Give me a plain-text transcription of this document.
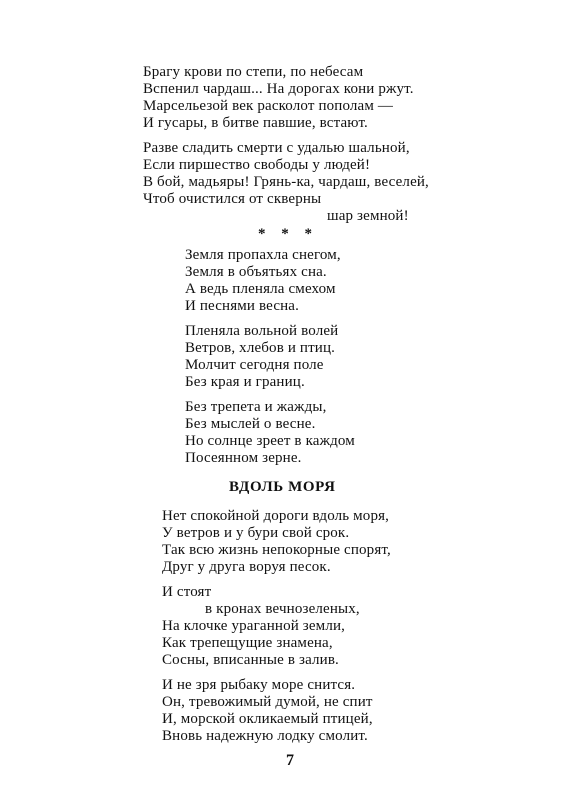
Брагу крови по степи, по небесам
Вспенил чардаш... На дорогах кони ржут.
Марсельезой век расколот пополам —
И гусары, в битве павшие, встают.
Разве сладить смерти с удалью шальной,
Если пиршество свободы у людей!
В бой, мадьяры! Грянь-ка, чардаш, веселей,
Чтоб очистился от скверны
шар земной!
* * *
Земля пропахла снегом,
Земля в объятьях сна.
А ведь пленяла смехом
И песнями весна.
Пленяла вольной волей
Ветров, хлебов и птиц.
Молчит сегодня поле
Без края и границ.
Без трепета и жажды,
Без мыслей о весне.
Но солнце зреет в каждом
Посеянном зерне.
ВДОЛЬ МОРЯ
Нет спокойной дороги вдоль моря,
У ветров и у бури свой срок.
Так всю жизнь непокорные спорят,
Друг у друга воруя песок.
И стоят
в кронах вечнозеленых,
На клочке ураганной земли,
Как трепещущие знамена,
Сосны, вписанные в залив.
И не зря рыбаку море снится.
Он, тревожимый думой, не спит
И, морской окликаемый птицей,
Вновь надежную лодку смолит.
7
